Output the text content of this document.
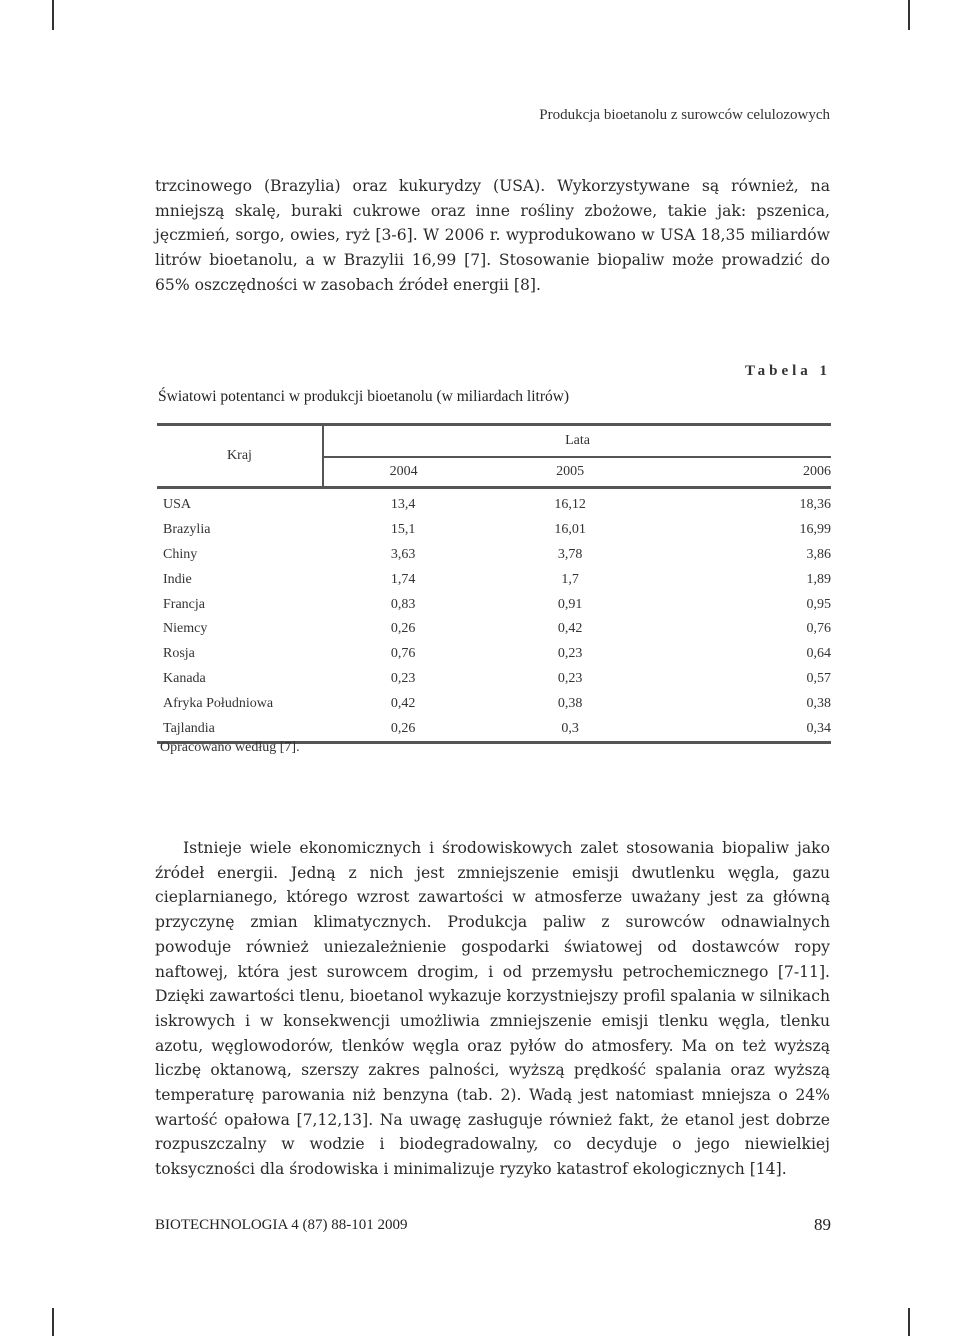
Produkcja bioetanolu z surowców celulozowych
trzcinowego (Brazylia) oraz kukurydzy (USA). Wykorzystywane są również, na mniejszą skalę, buraki cukrowe oraz inne rośliny zbożowe, takie jak: pszenica, jęczmień, sorgo, owies, ryż [3-6]. W 2006 r. wyprodukowano w USA 18,35 miliardów litrów bioetanolu, a w Brazylii 16,99 [7]. Stosowanie biopaliw może prowadzić do 65% oszczędności w zasobach źródeł energii [8].
Tabela 1
Światowi potentanci w produkcji bioetanolu (w miliardach litrów)
Kraj	Lata		
	2004	2005	2006
USA	13,4	16,12	18,36
Brazylia	15,1	16,01	16,99
Chiny	3,63	3,78	3,86
Indie	1,74	1,7	1,89
Francja	0,83	0,91	0,95
Niemcy	0,26	0,42	0,76
Rosja	0,76	0,23	0,64
Kanada	0,23	0,23	0,57
Afryka Południowa	0,42	0,38	0,38
Tajlandia	0,26	0,3	0,34
Opracowano według [7].
Istnieje wiele ekonomicznych i środowiskowych zalet stosowania biopaliw jako źródeł energii. Jedną z nich jest zmniejszenie emisji dwutlenku węgla, gazu cieplarnianego, którego wzrost zawartości w atmosferze uważany jest za główną przyczynę zmian klimatycznych. Produkcja paliw z surowców odnawialnych powoduje również uniezależnienie gospodarki światowej od dostawców ropy naftowej, która jest surowcem drogim, i od przemysłu petrochemicznego [7-11]. Dzięki zawartości tlenu, bioetanol wykazuje korzystniejszy profil spalania w silnikach iskrowych i w konsekwencji umożliwia zmniejszenie emisji tlenku węgla, tlenku azotu, węglowodorów, tlenków węgla oraz pyłów do atmosfery. Ma on też wyższą liczbę oktanową, szerszy zakres palności, wyższą prędkość spalania oraz wyższą temperaturę parowania niż benzyna (tab. 2). Wadą jest natomiast mniejsza o 24% wartość opałowa [7,12,13]. Na uwagę zasługuje również fakt, że etanol jest dobrze rozpuszczalny w wodzie i biodegradowalny, co decyduje o jego niewielkiej toksyczności dla środowiska i minimalizuje ryzyko katastrof ekologicznych [14].
BIOTECHNOLOGIA 4 (87) 88-101 2009	89
